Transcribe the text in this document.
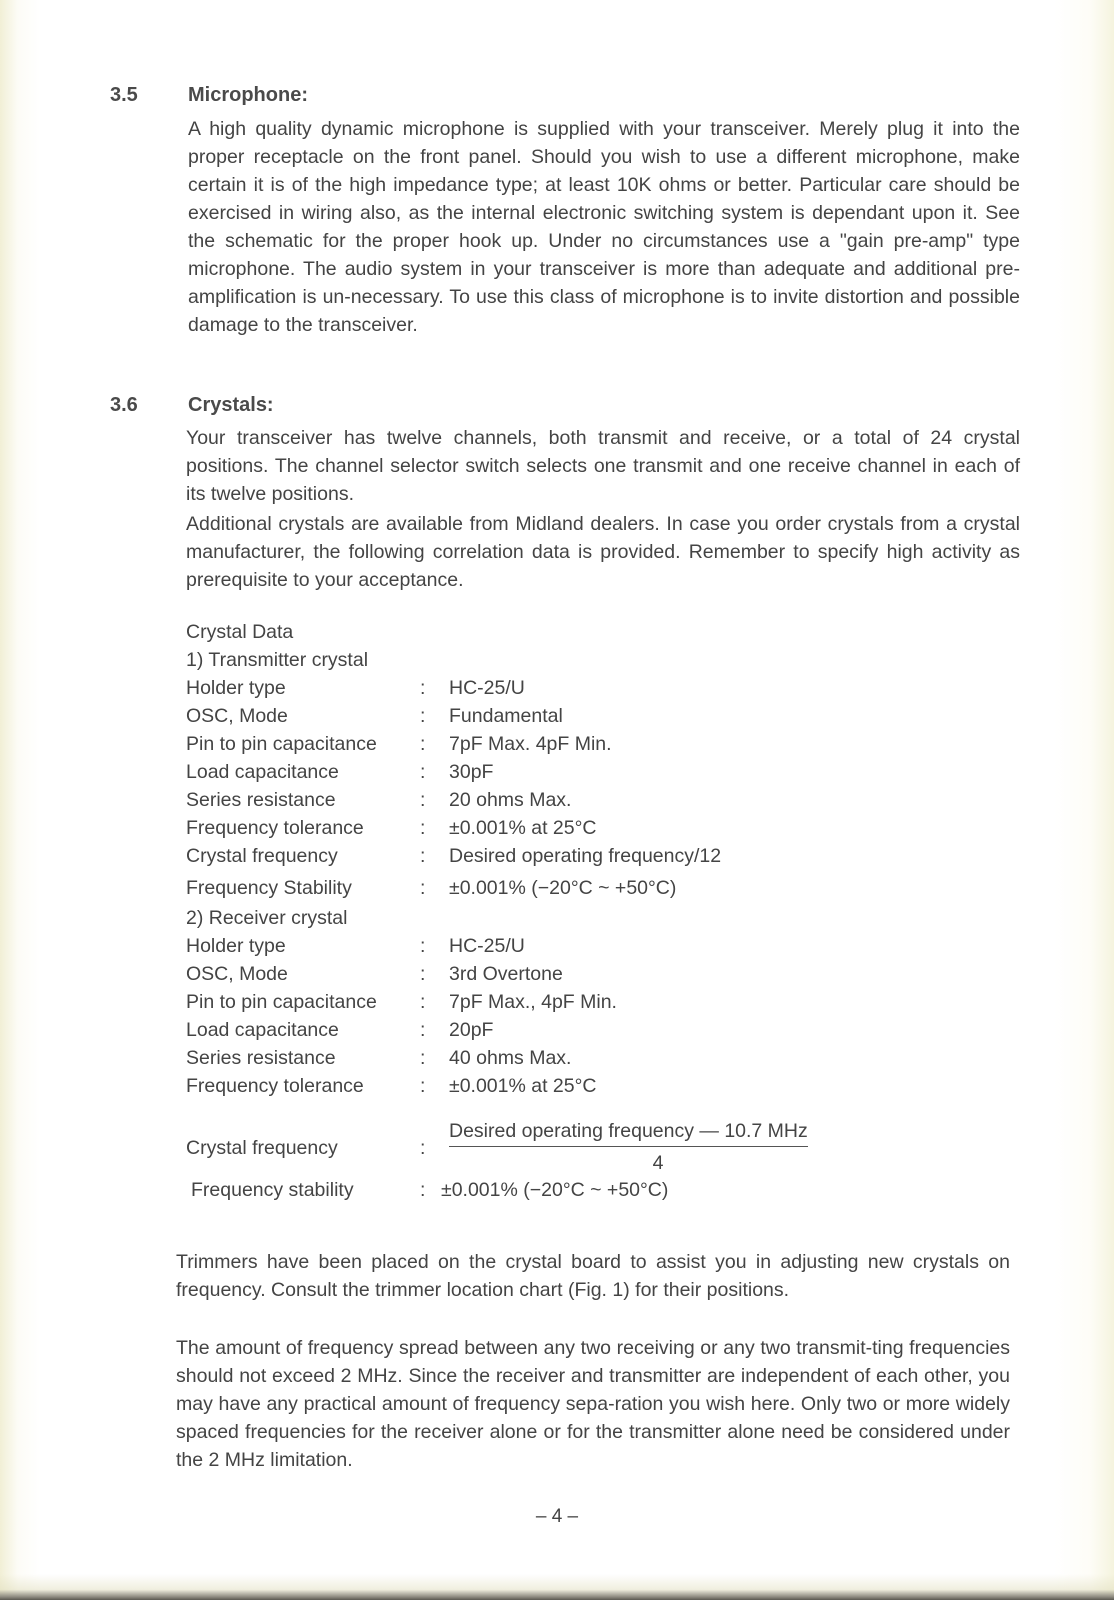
3.5	Microphone:

A high quality dynamic microphone is supplied with your transceiver. Merely plug it into the proper receptacle on the front panel. Should you wish to use a different microphone, make certain it is of the high impedance type; at least 10K ohms or better. Particular care should be exercised in wiring also, as the internal electronic switching system is dependant upon it. See the schematic for the proper hook up. Under no circumstances use a "gain pre-amp" type microphone. The audio system in your transceiver is more than adequate and additional pre-amplification is un-necessary. To use this class of microphone is to invite distortion and possible damage to the transceiver.

3.6	Crystals:

Your transceiver has twelve channels, both transmit and receive, or a total of 24 crystal positions. The channel selector switch selects one transmit and one receive channel in each of its twelve positions.

Additional crystals are available from Midland dealers. In case you order crystals from a crystal manufacturer, the following correlation data is provided. Remember to specify high activity as prerequisite to your acceptance.

Crystal Data
1) Transmitter crystal
Holder type	: HC-25/U
OSC, Mode	: Fundamental
Pin to pin capacitance : 7pF Max. 4pF Min.
Load capacitance	: 30pF
Series resistance	: 20 ohms Max.
Frequency tolerance	: ±0.001% at 25°C
Crystal frequency	: Desired operating frequency/12
Frequency Stability	: ±0.001% (−20°C ~ +50°C)
2) Receiver crystal
Holder type	: HC-25/U
OSC, Mode	: 3rd Overtone
Pin to pin capacitance : 7pF Max., 4pF Min.
Load capacitance	: 20pF
Series resistance	: 40 ohms Max.
Frequency tolerance	: ±0.001% at 25°C
Crystal frequency	:
Desired operating frequency — 10.7 MHz
4
Frequency stability	: ±0.001% (−20°C ~ +50°C)

Trimmers have been placed on the crystal board to assist you in adjusting new crystals on frequency. Consult the trimmer location chart (Fig. 1) for their positions.

The amount of frequency spread between any two receiving or any two transmit-ting frequencies should not exceed 2 MHz. Since the receiver and transmitter are independent of each other, you may have any practical amount of frequency sepa-ration you wish here. Only two or more widely spaced frequencies for the receiver alone or for the transmitter alone need be considered under the 2 MHz limitation.

– 4 –
